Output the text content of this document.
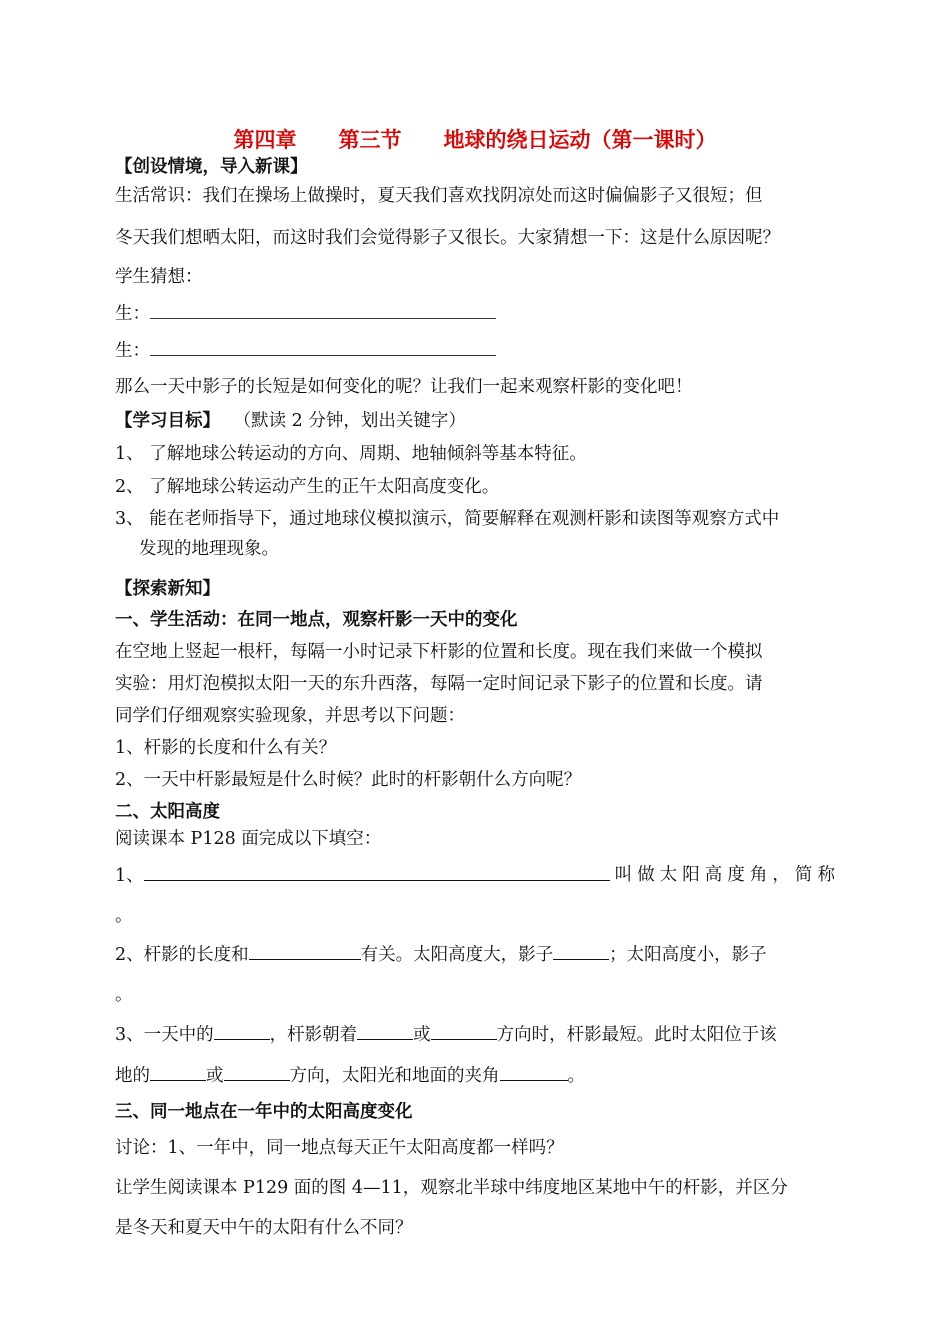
第四章　　第三节　　地球的绕日运动（第一课时）
【创设情境，导入新课】
生活常识：我们在操场上做操时，夏天我们喜欢找阴凉处而这时偏偏影子又很短；但
冬天我们想晒太阳，而这时我们会觉得影子又很长。大家猜想一下：这是什么原因呢？
学生猜想：
生：
生：
那么一天中影子的长短是如何变化的呢？让我们一起来观察杆影的变化吧！
【学习目标】 （默读 2 分钟，划出关键字）
1、 了解地球公转运动的方向、周期、地轴倾斜等基本特征。
2、 了解地球公转运动产生的正午太阳高度变化。
3、 能在老师指导下，通过地球仪模拟演示，简要解释在观测杆影和读图等观察方式中
发现的地理现象。
【探索新知】
一、学生活动：在同一地点，观察杆影一天中的变化
在空地上竖起一根杆，每隔一小时记录下杆影的位置和长度。现在我们来做一个模拟
实验：用灯泡模拟太阳一天的东升西落，每隔一定时间记录下影子的位置和长度。请
同学们仔细观察实验现象，并思考以下问题：
1、杆影的长度和什么有关？
2、一天中杆影最短是什么时候？此时的杆影朝什么方向呢？
二、太阳高度
阅读课本 P128 面完成以下填空：
1、	叫 做 太 阳 高 度 角 ， 简 称
。
2、杆影的长度和	有关。太阳高度大，影子	；太阳高度小，影子
。
3、一天中的	，杆影朝着	或	方向时，杆影最短。此时太阳位于该
地的	或	方向，太阳光和地面的夹角	。
三、同一地点在一年中的太阳高度变化
讨论：1、一年中，同一地点每天正午太阳高度都一样吗？
让学生阅读课本 P129 面的图 4—11，观察北半球中纬度地区某地中午的杆影，并区分
是冬天和夏天中午的太阳有什么不同？
